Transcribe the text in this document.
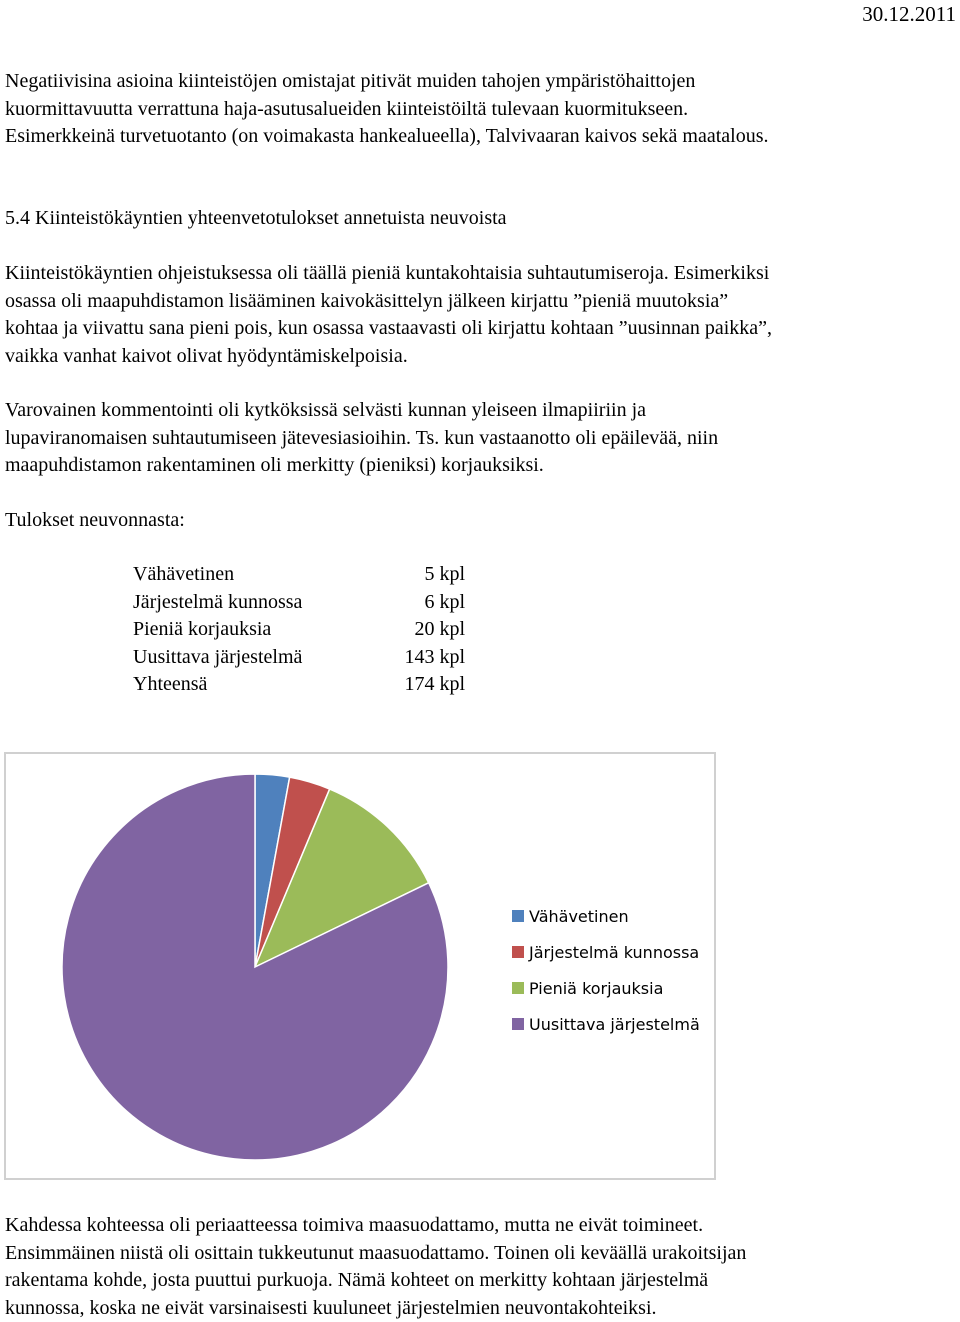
30.12.2011
Negatiivisina asioina kiinteistöjen omistajat pitivät muiden tahojen ympäristöhaittojen
kuormittavuutta verrattuna haja-asutusalueiden kiinteistöiltä tulevaan kuormitukseen.
Esimerkkeinä turvetuotanto (on voimakasta hankealueella), Talvivaaran kaivos sekä maatalous.
5.4 Kiinteistökäyntien yhteenvetotulokset annetuista neuvoista
Kiinteistökäyntien ohjeistuksessa oli täällä pieniä kuntakohtaisia suhtautumiseroja. Esimerkiksi
osassa oli maapuhdistamon lisääminen kaivokäsittelyn jälkeen kirjattu ”pieniä muutoksia”
kohtaa ja viivattu sana pieni pois, kun osassa vastaavasti oli kirjattu kohtaan ”uusinnan paikka”,
vaikka vanhat kaivot olivat hyödyntämiskelpoisia.
Varovainen kommentointi oli kytköksissä selvästi kunnan yleiseen ilmapiiriin ja
lupaviranomaisen suhtautumiseen jätevesiasioihin. Ts. kun vastaanotto oli epäilevää, niin
maapuhdistamon rakentaminen oli merkitty (pieniksi) korjauksiksi.
Tulokset neuvonnasta:
Vähävetinen	5 kpl
Järjestelmä kunnossa	6 kpl
Pieniä korjauksia	20 kpl
Uusittava järjestelmä	143 kpl
Yhteensä	174 kpl
Vähävetinen
Järjestelmä kunnossa
Pieniä korjauksia
Uusittava järjestelmä
Kahdessa kohteessa oli periaatteessa toimiva maasuodattamo, mutta ne eivät toimineet.
Ensimmäinen niistä oli osittain tukkeutunut maasuodattamo. Toinen oli keväällä urakoitsijan
rakentama kohde, josta puuttui purkuoja. Nämä kohteet on merkitty kohtaan järjestelmä
kunnossa, koska ne eivät varsinaisesti kuuluneet järjestelmien neuvontakohteiksi.
